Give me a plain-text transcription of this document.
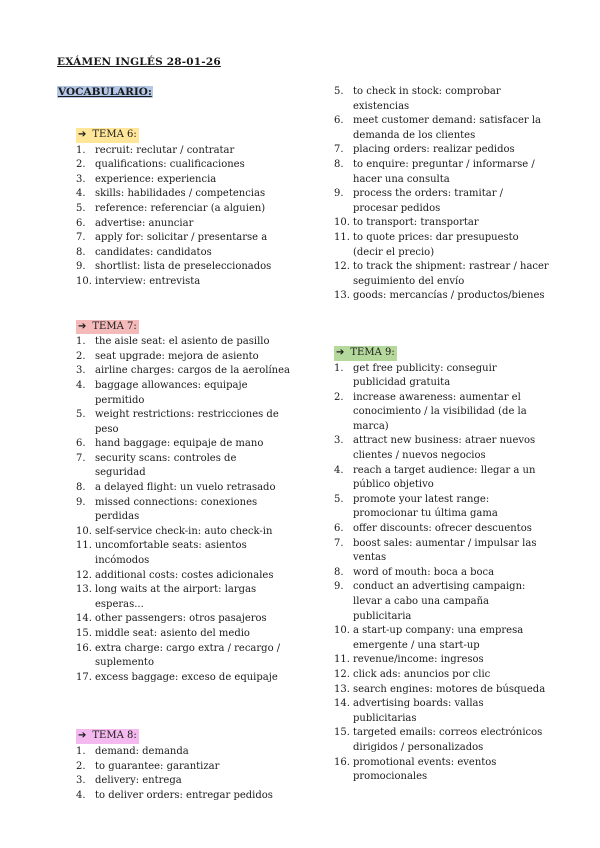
EXÁMEN INGLÉS 28-01-26
VOCABULARIO:
➔ TEMA 6:
1. recruit: reclutar / contratar
2. qualifications: cualificaciones
3. experience: experiencia
4. skills: habilidades / competencias
5. reference: referenciar (a alguien)
6. advertise: anunciar
7. apply for: solicitar / presentarse a
8. candidates: candidatos
9. shortlist: lista de preseleccionados
10. interview: entrevista
➔ TEMA 7:
1. the aisle seat: el asiento de pasillo
2. seat upgrade: mejora de asiento
3. airline charges: cargos de la aerolínea
4. baggage allowances: equipaje permitido
5. weight restrictions: restricciones de peso
6. hand baggage: equipaje de mano
7. security scans: controles de seguridad
8. a delayed flight: un vuelo retrasado
9. missed connections: conexiones perdidas
10. self-service check-in: auto check-in
11. uncomfortable seats: asientos incómodos
12. additional costs: costes adicionales
13. long waits at the airport: largas esperas...
14. other passengers: otros pasajeros
15. middle seat: asiento del medio
16. extra charge: cargo extra / recargo / suplemento
17. excess baggage: exceso de equipaje
➔ TEMA 8:
1. demand: demanda
2. to guarantee: garantizar
3. delivery: entrega
4. to deliver orders: entregar pedidos
5. to check in stock: comprobar existencias
6. meet customer demand: satisfacer la demanda de los clientes
7. placing orders: realizar pedidos
8. to enquire: preguntar / informarse / hacer una consulta
9. process the orders: tramitar / procesar pedidos
10. to transport: transportar
11. to quote prices: dar presupuesto (decir el precio)
12. to track the shipment: rastrear / hacer seguimiento del envío
13. goods: mercancías / productos/bienes
➔ TEMA 9:
1. get free publicity: conseguir publicidad gratuita
2. increase awareness: aumentar el conocimiento / la visibilidad (de la marca)
3. attract new business: atraer nuevos clientes / nuevos negocios
4. reach a target audience: llegar a un público objetivo
5. promote your latest range: promocionar tu última gama
6. offer discounts: ofrecer descuentos
7. boost sales: aumentar / impulsar las ventas
8. word of mouth: boca a boca
9. conduct an advertising campaign: llevar a cabo una campaña publicitaria
10. a start-up company: una empresa emergente / una start-up
11. revenue/income: ingresos
12. click ads: anuncios por clic
13. search engines: motores de búsqueda
14. advertising boards: vallas publicitarias
15. targeted emails: correos electrónicos dirigidos / personalizados
16. promotional events: eventos promocionales
